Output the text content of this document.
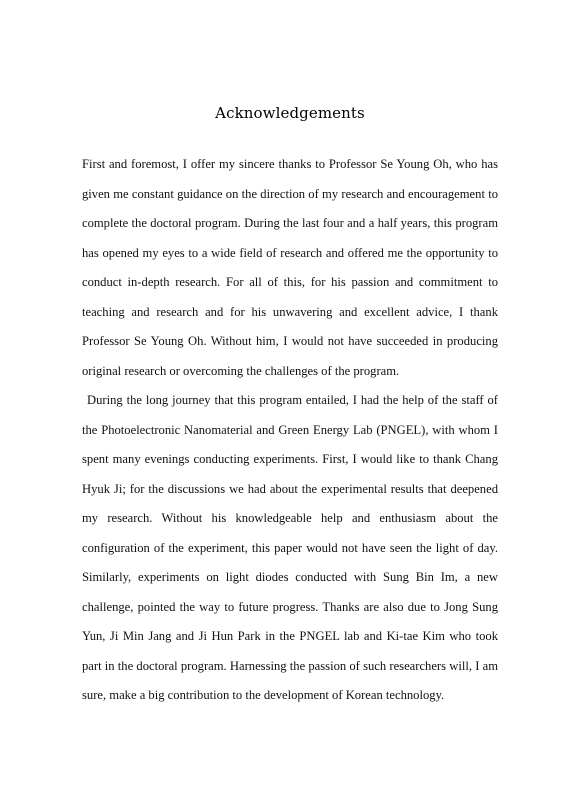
Acknowledgements

First and foremost, I offer my sincere thanks to Professor Se Young Oh, who has given me constant guidance on the direction of my research and encouragement to complete the doctoral program. During the last four and a half years, this program has opened my eyes to a wide field of research and offered me the opportunity to conduct in-depth research. For all of this, for his passion and commitment to teaching and research and for his unwavering and excellent advice, I thank Professor Se Young Oh. Without him, I would not have succeeded in producing original research or overcoming the challenges of the program.

During the long journey that this program entailed, I had the help of the staff of the Photoelectronic Nanomaterial and Green Energy Lab (PNGEL), with whom I spent many evenings conducting experiments. First, I would like to thank Chang Hyuk Ji; for the discussions we had about the experimental results that deepened my research. Without his knowledgeable help and enthusiasm about the configuration of the experiment, this paper would not have seen the light of day. Similarly, experiments on light diodes conducted with Sung Bin Im, a new challenge, pointed the way to future progress. Thanks are also due to Jong Sung Yun, Ji Min Jang and Ji Hun Park in the PNGEL lab and Ki-tae Kim who took part in the doctoral program. Harnessing the passion of such researchers will, I am sure, make a big contribution to the development of Korean technology.
